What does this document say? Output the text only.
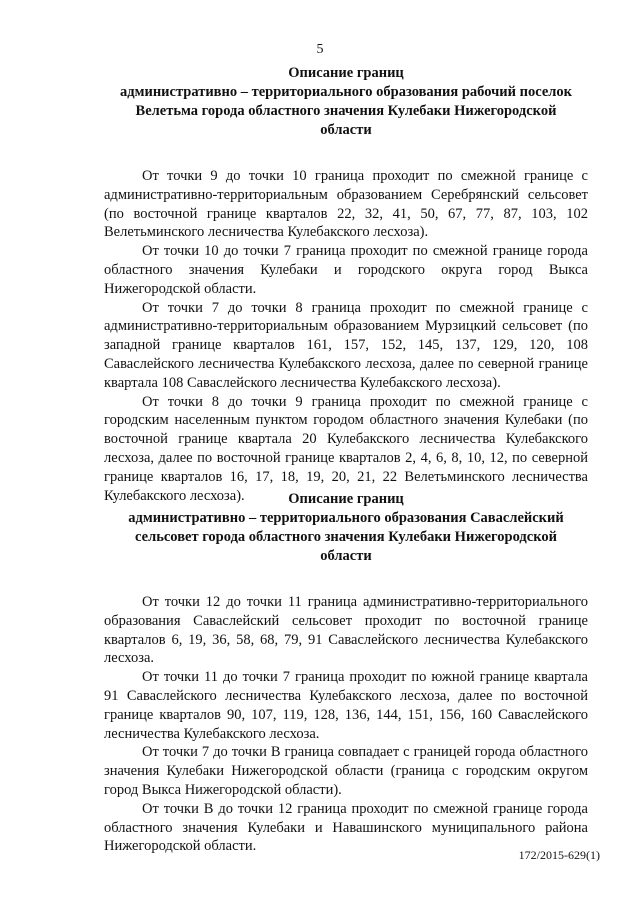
5
Описание границ
административно – территориального образования рабочий поселок
Велетьма города областного значения Кулебаки Нижегородской
области

От точки 9 до точки 10 граница проходит по смежной границе с административно-территориальным образованием Серебрянский сельсовет (по восточной границе кварталов 22, 32, 41, 50, 67, 77, 87, 103, 102 Велетьминского лесничества Кулебакского лесхоза).

От точки 10 до точки 7 граница проходит по смежной границе города областного значения Кулебаки и городского округа город Выкса Нижегородской области.

От точки 7 до точки 8 граница проходит по смежной границе с административно-территориальным образованием Мурзицкий сельсовет (по западной границе кварталов 161, 157, 152, 145, 137, 129, 120, 108 Саваслейского лесничества Кулебакского лесхоза, далее по северной границе квартала 108 Саваслейского лесничества Кулебакского лесхоза).

От точки 8 до точки 9 граница проходит по смежной границе с городским населенным пунктом городом областного значения Кулебаки (по восточной границе квартала 20 Кулебакского лесничества Кулебакского лесхоза, далее по восточной границе кварталов 2, 4, 6, 8, 10, 12, по северной границе кварталов 16, 17, 18, 19, 20, 21, 22 Велетьминского лесничества Кулебакского лесхоза).	Описание границ
административно – территориального образования Саваслейский
сельсовет города областного значения Кулебаки Нижегородской
области

От точки 12 до точки 11 граница административно-территориального образования Саваслейский сельсовет проходит по восточной границе кварталов 6, 19, 36, 58, 68, 79, 91 Саваслейского лесничества Кулебакского лесхоза.

От точки 11 до точки 7 граница проходит по южной границе квартала 91 Саваслейского лесничества Кулебакского лесхоза, далее по восточной границе кварталов 90, 107, 119, 128, 136, 144, 151, 156, 160 Саваслейского лесничества Кулебакского лесхоза.

От точки 7 до точки В граница совпадает с границей города областного значения Кулебаки Нижегородской области (граница с городским округом город Выкса Нижегородской области).

От точки В до точки 12 граница проходит по смежной границе города областного значения Кулебаки и Навашинского муниципального района Нижегородской области.

172/2015-629(1)
